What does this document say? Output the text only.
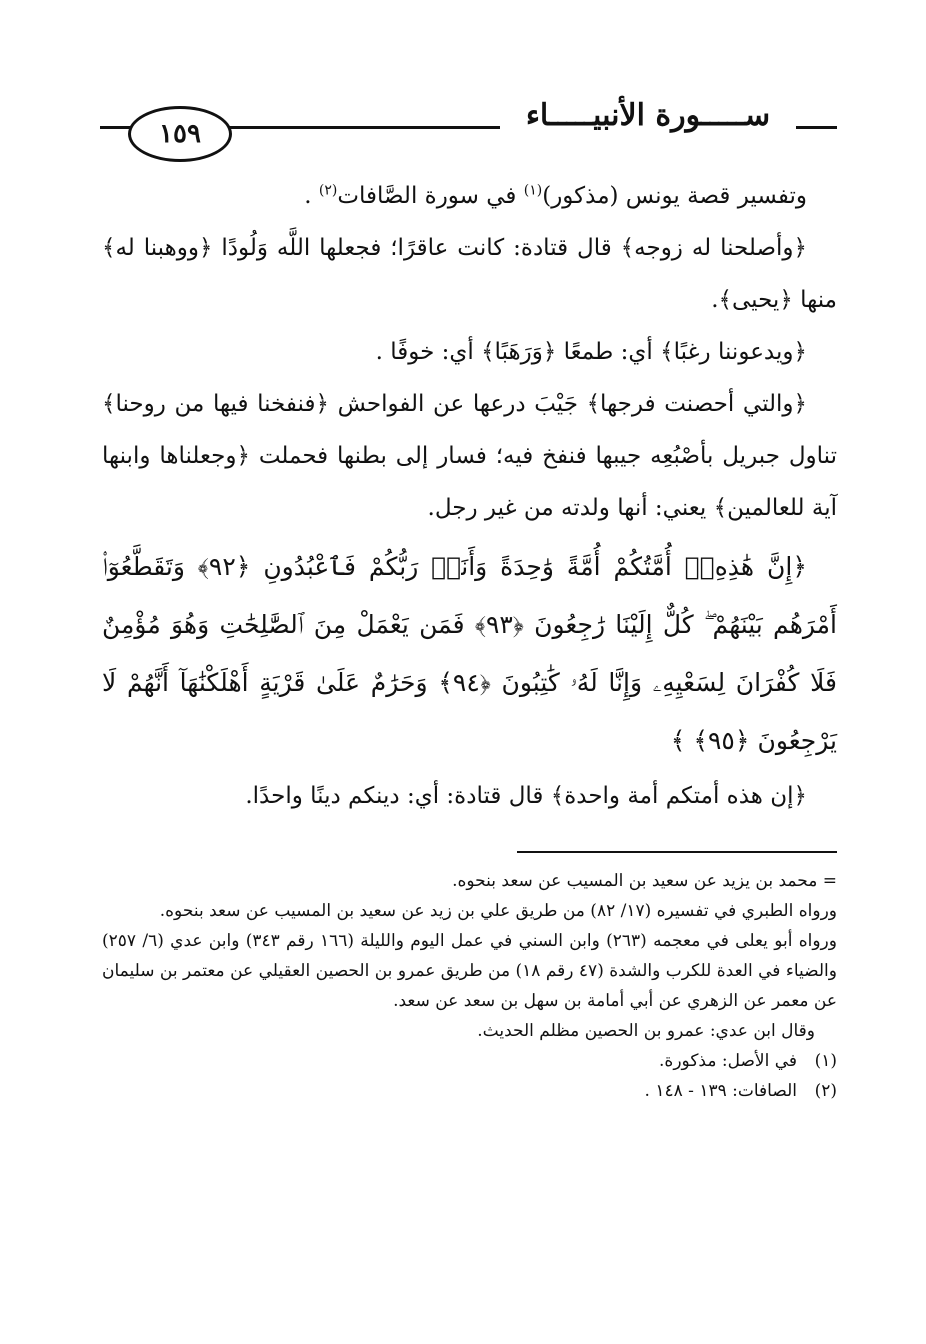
ســـــورة الأنبيـــــاء
١٥٩

وتفسير قصة يونس (مذكور)$^{(١)}$ في سورة الصَّافات$^{(٢)}$ .

﴿وأصلحنا له زوجه﴾ قال قتادة: كانت عاقرًا؛ فجعلها اللَّه وَلُودًا ﴿ووهبنا له﴾ منها ﴿يحيى﴾.

﴿ويدعوننا رغبًا﴾ أي: طمعًا ﴿وَرَهَبًا﴾ أي: خوفًا .

﴿والتي أحصنت فرجها﴾ جَيْبَ درعها عن الفواحش ﴿فنفخنا فيها من روحنا﴾ تناول جبريل بأصْبُعِه جيبها فنفخ فيه؛ فسار إلى بطنها فحملت ﴿وجعلناها وابنها آية للعالمين﴾ يعني: أنها ولدته من غير رجل.

﴿إِنَّ هَٰذِهِۦٓ أُمَّتُكُمْ أُمَّةً وَٰحِدَةً وَأَنَا۠ رَبُّكُمْ فَٱعْبُدُونِ ﴿٩٢﴾ وَتَقَطَّعُوٓا۟ أَمْرَهُم بَيْنَهُمْ ۖ كُلٌّ إِلَيْنَا رَٰجِعُونَ ﴿٩٣﴾ فَمَن يَعْمَلْ مِنَ ٱلصَّٰلِحَٰتِ وَهُوَ مُؤْمِنٌ فَلَا كُفْرَانَ لِسَعْيِهِۦ وَإِنَّا لَهُۥ كَٰتِبُونَ ﴿٩٤﴾ وَحَرَٰمٌ عَلَىٰ قَرْيَةٍ أَهْلَكْنَٰهَآ أَنَّهُمْ لَا يَرْجِعُونَ ﴿٩٥﴾ ﴾

﴿إن هذه أمتكم أمة واحدة﴾ قال قتادة: أي: دينكم دينًا واحدًا.

= محمد بن يزيد عن سعيد بن المسيب عن سعد بنحوه.

ورواه الطبري في تفسيره (١٧/ ٨٢) من طريق علي بن زيد عن سعيد بن المسيب عن سعد بنحوه.

ورواه أبو يعلى في معجمه (٢٦٣) وابن السني في عمل اليوم والليلة (١٦٦ رقم ٣٤٣) وابن عدي (٦/ ٢٥٧) والضياء في العدة للكرب والشدة (٤٧ رقم ١٨) من طريق عمرو بن الحصين العقيلي عن معتمر بن سليمان عن معمر عن الزهري عن أبي أمامة بن سهل بن سعد عن سعد.

وقال ابن عدي: عمرو بن الحصين مظلم الحديث.

(١)في الأصل: مذكورة.
(٢)الصافات: ١٣٩ - ١٤٨ .
